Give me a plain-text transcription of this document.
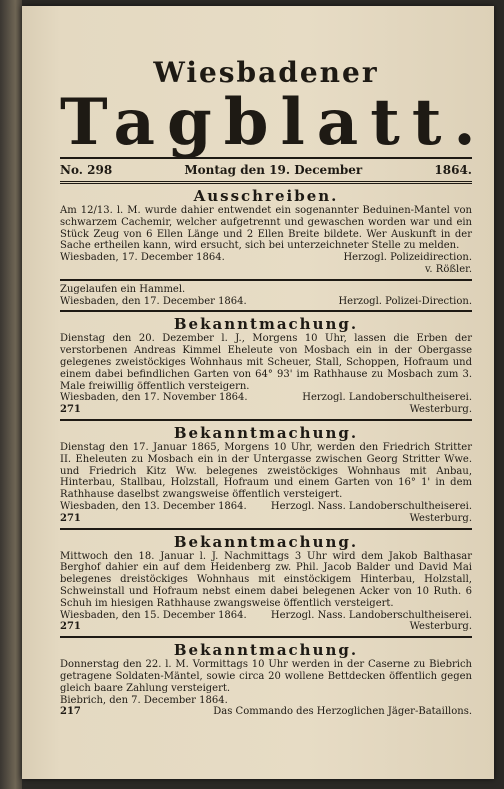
Wiesbadener
Tagblatt.
No. 298	Montag den 19. December	1864.
Ausschreiben.
Am 12/13. l. M. wurde dahier entwendet ein sogenannter Beduinen-Mantel von schwarzem Cachemir, welcher aufgetrennt und gewaschen worden war und ein Stück Zeug von 6 Ellen Länge und 2 Ellen Breite bildete. Wer Auskunft in der Sache ertheilen kann, wird ersucht, sich bei unterzeichneter Stelle zu melden.
Wiesbaden, 17. December 1864.	Herzogl. Polizeidirection.
v. Rößler.
Zugelaufen ein Hammel.
Wiesbaden, den 17. December 1864.	Herzogl. Polizei-Direction.
Bekanntmachung.
Dienstag den 20. Dezember l. J., Morgens 10 Uhr, lassen die Erben der verstorbenen Andreas Kimmel Eheleute von Mosbach ein in der Obergasse gelegenes zweistöckiges Wohnhaus mit Scheuer, Stall, Schoppen, Hofraum und einem dabei befindlichen Garten von 64° 93' im Rathhause zu Mosbach zum 3. Male freiwillig öffentlich versteigern.
Wiesbaden, den 17. November 1864.	Herzogl. Landoberschultheiserei.
271	Westerburg.
Bekanntmachung.
Dienstag den 17. Januar 1865, Morgens 10 Uhr, werden den Friedrich Stritter II. Eheleuten zu Mosbach ein in der Untergasse zwischen Georg Stritter Wwe. und Friedrich Kitz Ww. belegenes zweistöckiges Wohnhaus mit Anbau, Hinterbau, Stallbau, Holzstall, Hofraum und einem Garten von 16° 1' in dem Rathhause daselbst zwangsweise öffentlich versteigert.
Wiesbaden, den 13. December 1864. Herzogl. Nass. Landoberschultheiserei.
271	Westerburg.
Bekanntmachung.
Mittwoch den 18. Januar l. J. Nachmittags 3 Uhr wird dem Jakob Balthasar Berghof dahier ein auf dem Heidenberg zw. Phil. Jacob Balder und David Mai belegenes dreistöckiges Wohnhaus mit einstöckigem Hinterbau, Holzstall, Schweinstall und Hofraum nebst einem dabei belegenen Acker von 10 Ruth. 6 Schuh im hiesigen Rathhause zwangsweise öffentlich versteigert.
Wiesbaden, den 15. December 1864. Herzogl. Nass. Landoberschultheiserei.
271	Westerburg.
Bekanntmachung.
Donnerstag den 22. l. M. Vormittags 10 Uhr werden in der Caserne zu Biebrich getragene Soldaten-Mäntel, sowie circa 20 wollene Bettdecken öffentlich gegen gleich baare Zahlung versteigert.
Biebrich, den 7. December 1864.
217	Das Commando des Herzoglichen Jäger-Bataillons.
